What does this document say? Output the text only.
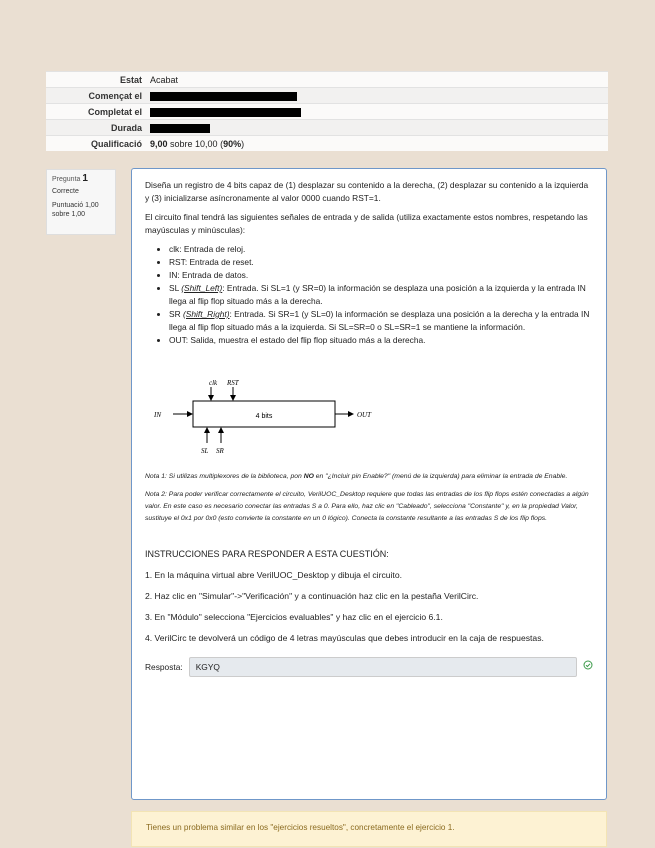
Estat	Acabat
Començat el	
Completat el	
Durada	
Qualificació	9,00 sobre 10,00 (90%)
Pregunta 1
Correcte
Puntuació 1,00 sobre 1,00

Diseña un registro de 4 bits capaz de (1) desplazar su contenido a la derecha, (2) desplazar su contenido a la izquierda y (3) inicializarse asíncronamente al valor 0000 cuando RST=1.

El circuito final tendrá las siguientes señales de entrada y de salida (utiliza exactamente estos nombres, respetando las mayúsculas y minúsculas):

• clk: Entrada de reloj.
• RST: Entrada de reset.
• IN: Entrada de datos.
• SL (Shift_Left): Entrada. Si SL=1 (y SR=0) la información se desplaza una posición a la izquierda y la entrada IN llega al flip flop situado más a la derecha.
• SR (Shift_Right): Entrada. Si SR=1 (y SL=0) la información se desplaza una posición a la derecha y la entrada IN llega al flip flop situado más a la izquierda. Si SL=SR=0 o SL=SR=1 se mantiene la información.
• OUT: Salida, muestra el estado del flip flop situado más a la derecha.
4 bits
clk RST
IN	OUT
SL SR

Nota 1: Si utilizas multiplexores de la biblioteca, pon NO en "¿Incluir pin Enable?" (menú de la izquierda) para eliminar la entrada de Enable.

Nota 2: Para poder verificar correctamente el circuito, VerilUOC_Desktop requiere que todas las entradas de los flip flops estén conectadas a algún valor. En este caso es necesario conectar las entradas S a 0. Para ello, haz clic en "Cableado", selecciona "Constante" y, en la propiedad Valor, sustituye el 0x1 por 0x0 (esto convierte la constante en un 0 lógico). Conecta la constante resultante a las entradas S de los flip flops.

INSTRUCCIONES PARA RESPONDER A ESTA CUESTIÓN:

1. En la máquina virtual abre VerilUOC_Desktop y dibuja el circuito.

2. Haz clic en "Simular"->"Verificación" y a continuación haz clic en la pestaña VerilCirc.

3. En "Módulo" selecciona "Ejercicios evaluables" y haz clic en el ejercicio 6.1.

4. VerilCirc te devolverá un código de 4 letras mayúsculas que debes introducir en la caja de respuestas.

Resposta:	KGYQ
Tienes un problema similar en los "ejercicios resueltos", concretamente el ejercicio 1.
